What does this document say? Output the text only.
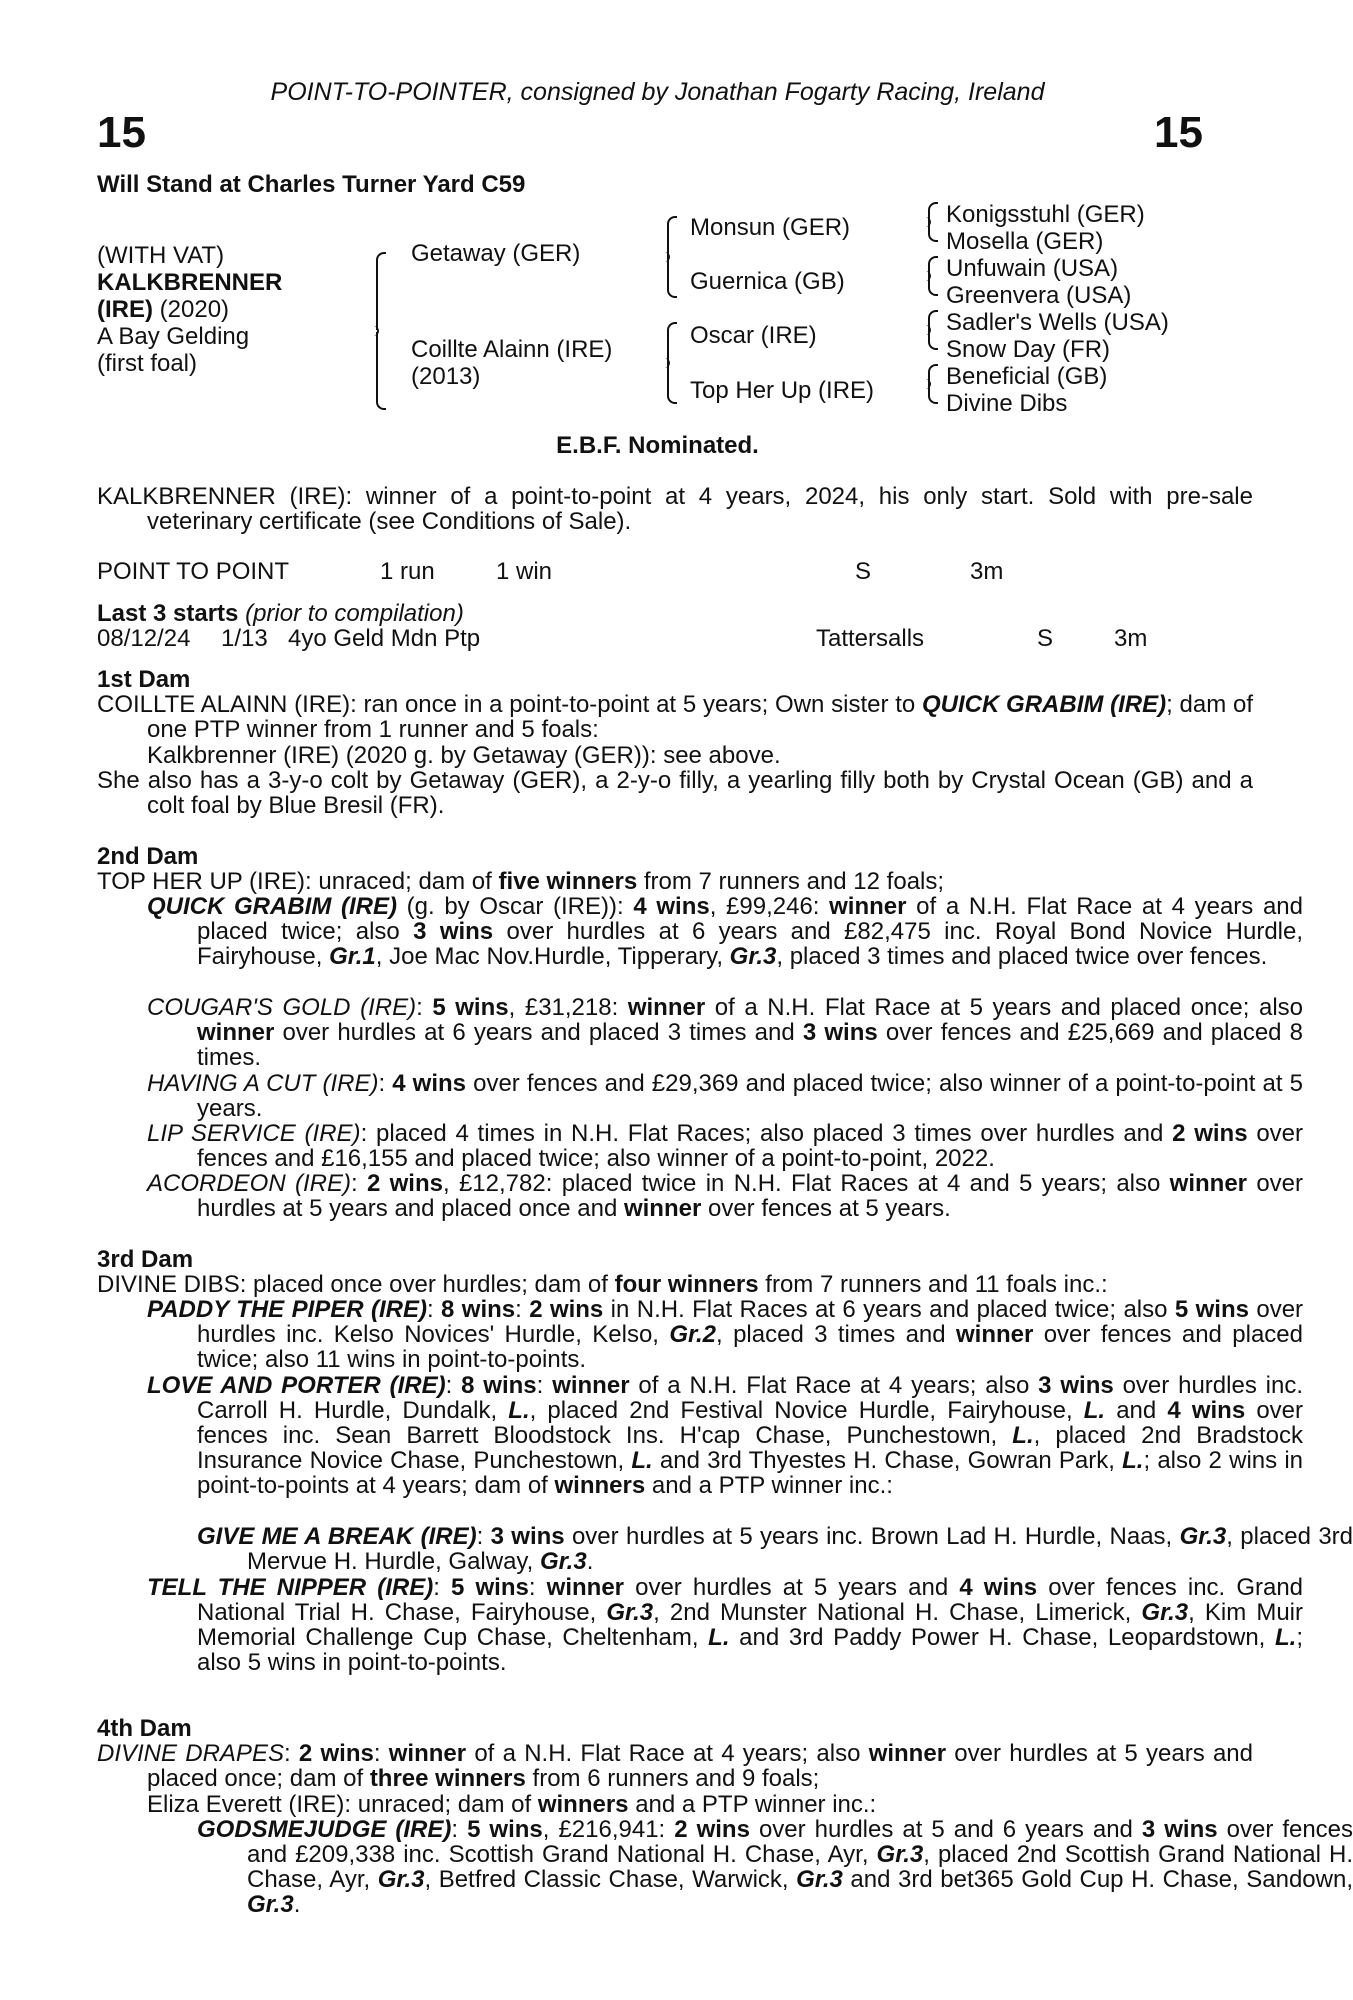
POINT-TO-POINTER, consigned by Jonathan Fogarty Racing, Ireland
15	15
Will Stand at Charles Turner Yard C59
(WITH VAT)
KALKBRENNER
(IRE) (2020)
A Bay Gelding
(first foal)
Getaway (GER)
Coillte Alainn (IRE)
(2013)
Monsun (GER)
Guernica (GB)
Oscar (IRE)
Top Her Up (IRE)
Konigsstuhl (GER)
Mosella (GER)
Unfuwain (USA)
Greenvera (USA)
Sadler's Wells (USA)
Snow Day (FR)
Beneficial (GB)
Divine Dibs
E.B.F. Nominated.
KALKBRENNER (IRE): winner of a point-to-point at 4 years, 2024, his only start. Sold with pre-sale veterinary certificate (see Conditions of Sale).
POINT TO POINT	1 run	1 win	S	3m
Last 3 starts (prior to compilation)
08/12/24 1/13 4yo Geld Mdn Ptp	Tattersalls	S	3m
1st Dam
COILLTE ALAINN (IRE): ran once in a point-to-point at 5 years; Own sister to QUICK GRABIM (IRE); dam of one PTP winner from 1 runner and 5 foals:
Kalkbrenner (IRE) (2020 g. by Getaway (GER)): see above.
She also has a 3-y-o colt by Getaway (GER), a 2-y-o filly, a yearling filly both by Crystal Ocean (GB) and a colt foal by Blue Bresil (FR).
2nd Dam
TOP HER UP (IRE): unraced; dam of five winners from 7 runners and 12 foals;
QUICK GRABIM (IRE) (g. by Oscar (IRE)): 4 wins, £99,246: winner of a N.H. Flat Race at 4 years and placed twice; also 3 wins over hurdles at 6 years and £82,475 inc. Royal Bond Novice Hurdle, Fairyhouse, Gr.1, Joe Mac Nov.Hurdle, Tipperary, Gr.3, placed 3 times and placed twice over fences.
COUGAR'S GOLD (IRE): 5 wins, £31,218: winner of a N.H. Flat Race at 5 years and placed once; also winner over hurdles at 6 years and placed 3 times and 3 wins over fences and £25,669 and placed 8 times.
HAVING A CUT (IRE): 4 wins over fences and £29,369 and placed twice; also winner of a point-to-point at 5 years.
LIP SERVICE (IRE): placed 4 times in N.H. Flat Races; also placed 3 times over hurdles and 2 wins over fences and £16,155 and placed twice; also winner of a point-to-point, 2022.
ACORDEON (IRE): 2 wins, £12,782: placed twice in N.H. Flat Races at 4 and 5 years; also winner over hurdles at 5 years and placed once and winner over fences at 5 years.
3rd Dam
DIVINE DIBS: placed once over hurdles; dam of four winners from 7 runners and 11 foals inc.:
PADDY THE PIPER (IRE): 8 wins: 2 wins in N.H. Flat Races at 6 years and placed twice; also 5 wins over hurdles inc. Kelso Novices' Hurdle, Kelso, Gr.2, placed 3 times and winner over fences and placed twice; also 11 wins in point-to-points.
LOVE AND PORTER (IRE): 8 wins: winner of a N.H. Flat Race at 4 years; also 3 wins over hurdles inc. Carroll H. Hurdle, Dundalk, L., placed 2nd Festival Novice Hurdle, Fairyhouse, L. and 4 wins over fences inc. Sean Barrett Bloodstock Ins. H'cap Chase, Punchestown, L., placed 2nd Bradstock Insurance Novice Chase, Punchestown, L. and 3rd Thyestes H. Chase, Gowran Park, L.; also 2 wins in point-to-points at 4 years; dam of winners and a PTP winner inc.:
GIVE ME A BREAK (IRE): 3 wins over hurdles at 5 years inc. Brown Lad H. Hurdle, Naas, Gr.3, placed 3rd Mervue H. Hurdle, Galway, Gr.3.
TELL THE NIPPER (IRE): 5 wins: winner over hurdles at 5 years and 4 wins over fences inc. Grand National Trial H. Chase, Fairyhouse, Gr.3, 2nd Munster National H. Chase, Limerick, Gr.3, Kim Muir Memorial Challenge Cup Chase, Cheltenham, L. and 3rd Paddy Power H. Chase, Leopardstown, L.; also 5 wins in point-to-points.
4th Dam
DIVINE DRAPES: 2 wins: winner of a N.H. Flat Race at 4 years; also winner over hurdles at 5 years and placed once; dam of three winners from 6 runners and 9 foals;
Eliza Everett (IRE): unraced; dam of winners and a PTP winner inc.:
GODSMEJUDGE (IRE): 5 wins, £216,941: 2 wins over hurdles at 5 and 6 years and 3 wins over fences and £209,338 inc. Scottish Grand National H. Chase, Ayr, Gr.3, placed 2nd Scottish Grand National H. Chase, Ayr, Gr.3, Betfred Classic Chase, Warwick, Gr.3 and 3rd bet365 Gold Cup H. Chase, Sandown, Gr.3.
